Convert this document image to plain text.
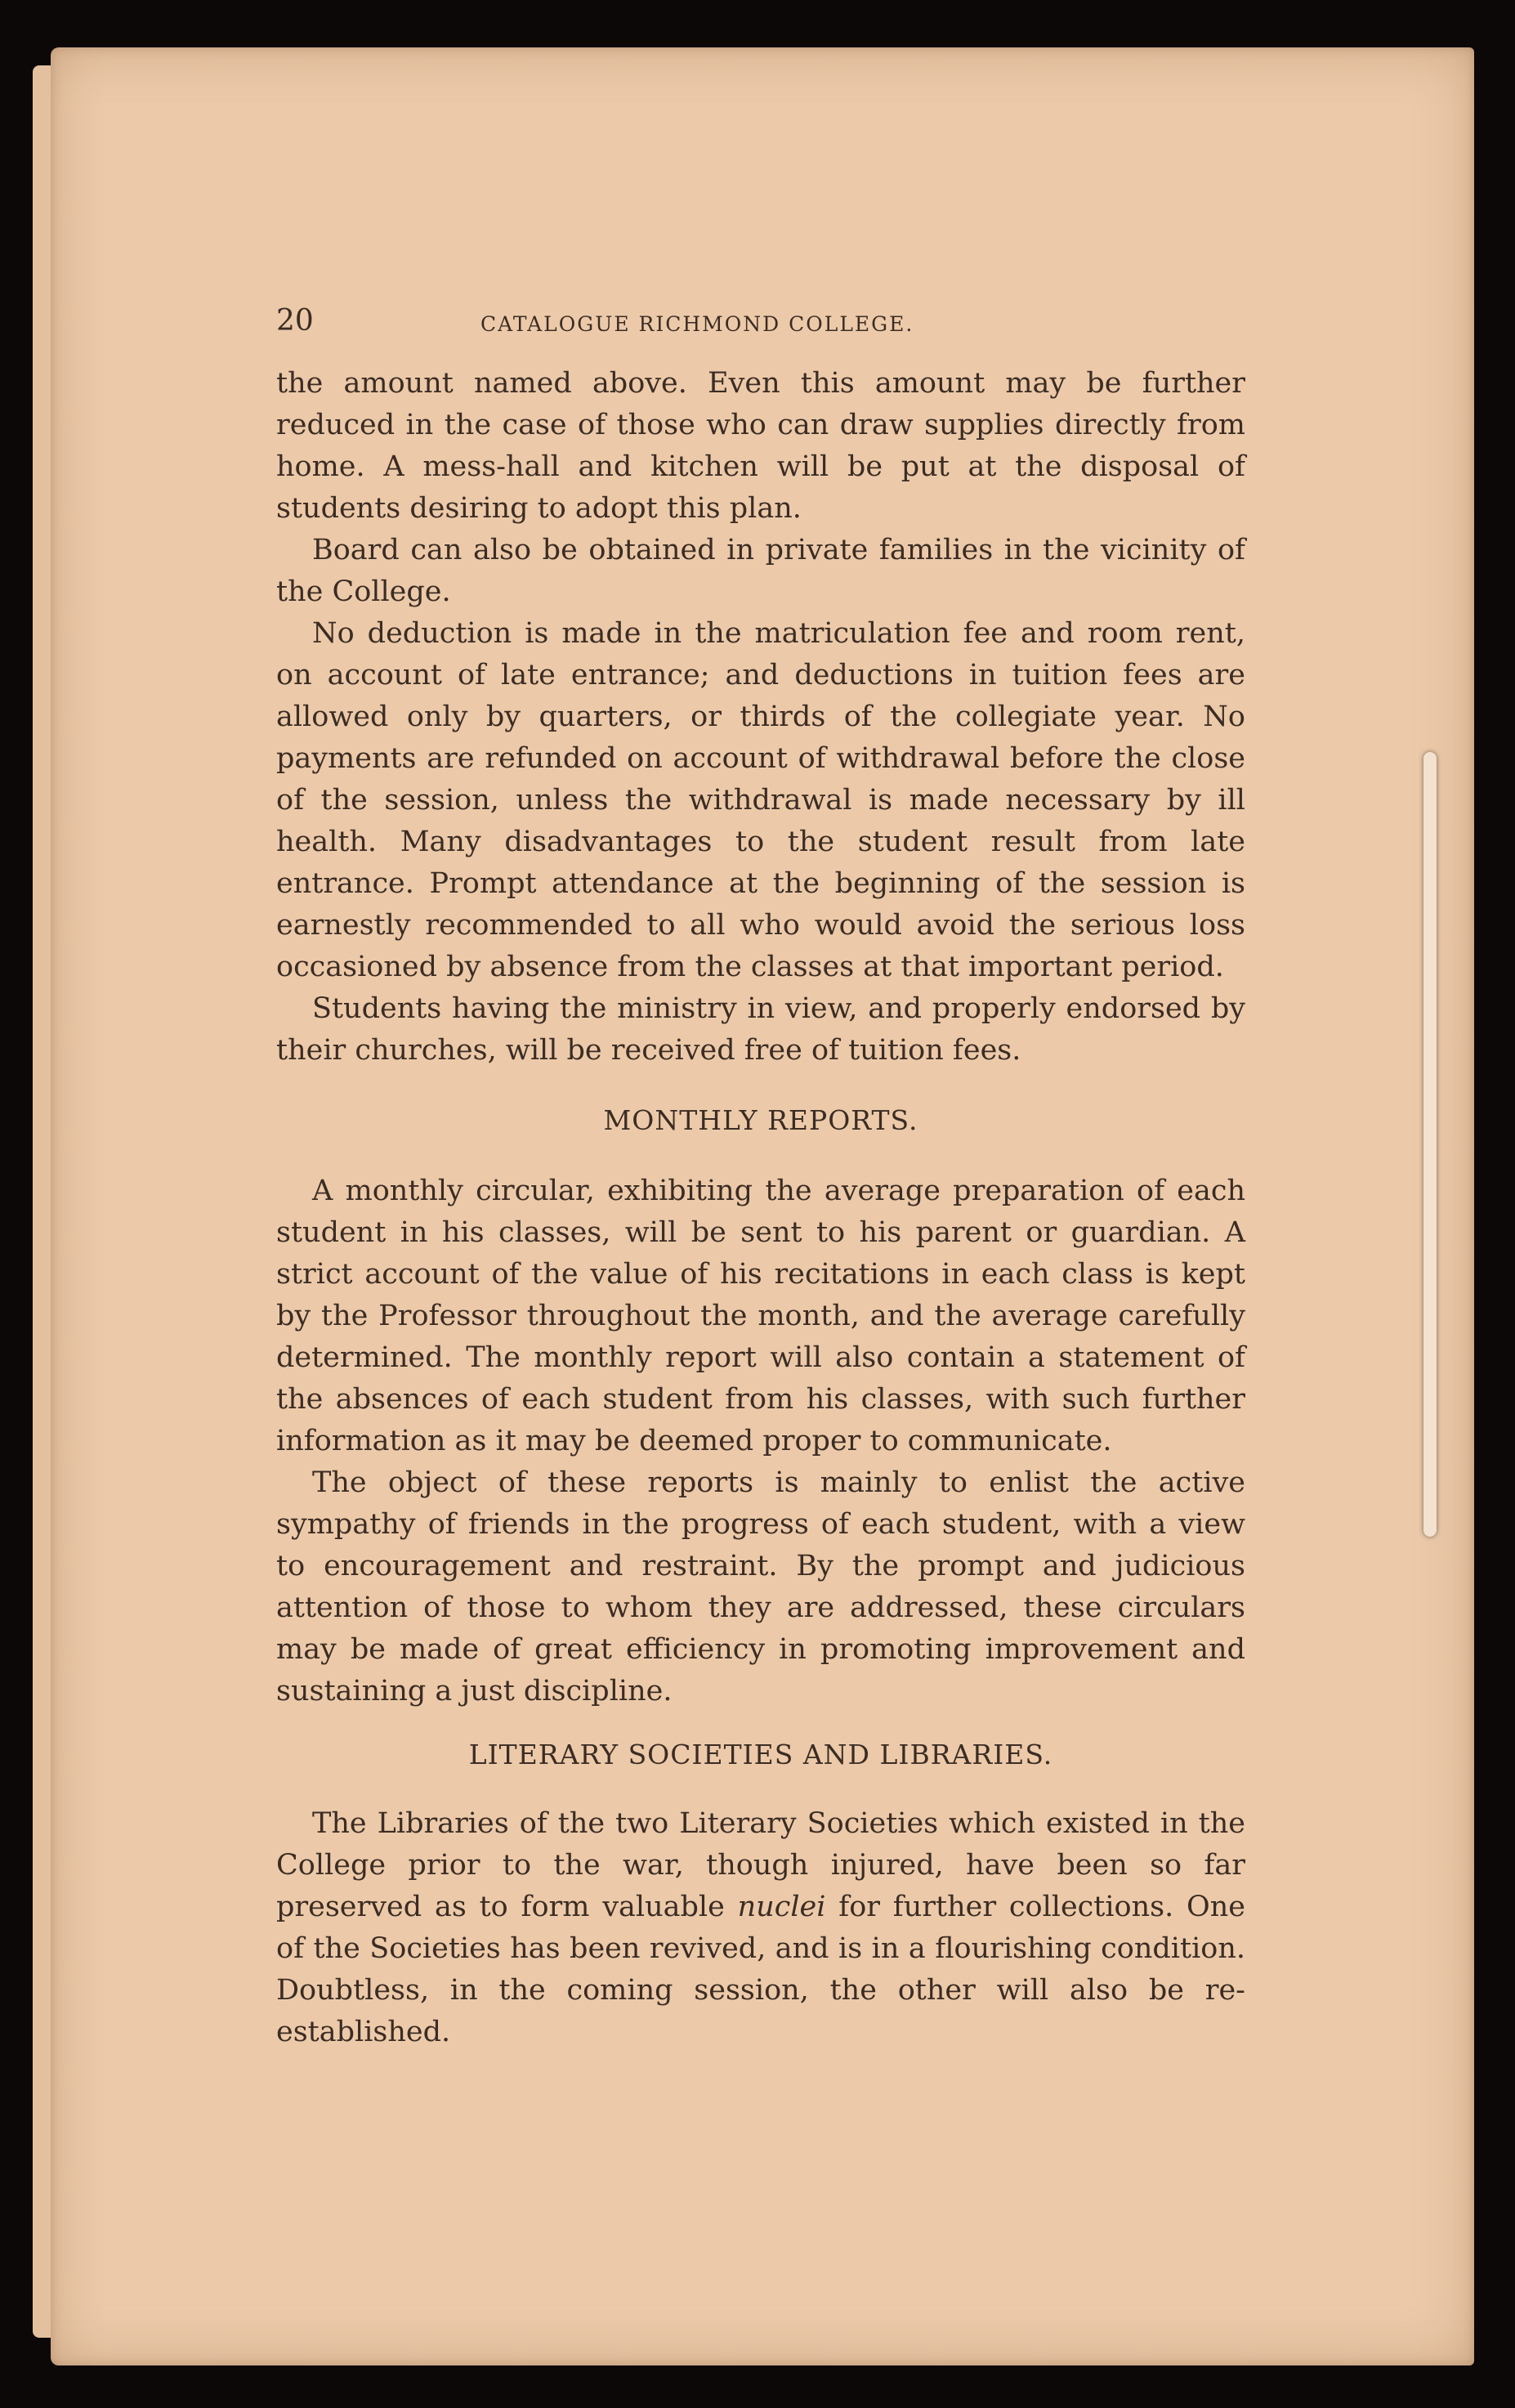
20	CATALOGUE RICHMOND COLLEGE.

the amount named above. Even this amount may be further reduced in the case of those who can draw supplies directly from home. A mess-hall and kitchen will be put at the disposal of students desiring to adopt this plan.

Board can also be obtained in private families in the vicinity of the College.

No deduction is made in the matriculation fee and room rent, on account of late entrance; and deductions in tuition fees are allowed only by quarters, or thirds of the collegiate year. No payments are refunded on account of withdrawal before the close of the session, unless the withdrawal is made necessary by ill health. Many disadvantages to the student result from late entrance. Prompt attendance at the beginning of the session is earnestly recommended to all who would avoid the serious loss occasioned by absence from the classes at that important period.

Students having the ministry in view, and properly endorsed by their churches, will be received free of tuition fees.

MONTHLY REPORTS.

A monthly circular, exhibiting the average preparation of each student in his classes, will be sent to his parent or guardian. A strict account of the value of his recitations in each class is kept by the Professor throughout the month, and the average carefully determined. The monthly report will also contain a statement of the absences of each student from his classes, with such further information as it may be deemed proper to communicate.

The object of these reports is mainly to enlist the active sympathy of friends in the progress of each student, with a view to encouragement and restraint. By the prompt and judicious attention of those to whom they are addressed, these circulars may be made of great efficiency in promoting improvement and sustaining a just discipline.

LITERARY SOCIETIES AND LIBRARIES.

The Libraries of the two Literary Societies which existed in the College prior to the war, though injured, have been so far preserved as to form valuable nuclei for further collections. One of the Societies has been revived, and is in a flourishing condition. Doubtless, in the coming session, the other will also be re-established.
